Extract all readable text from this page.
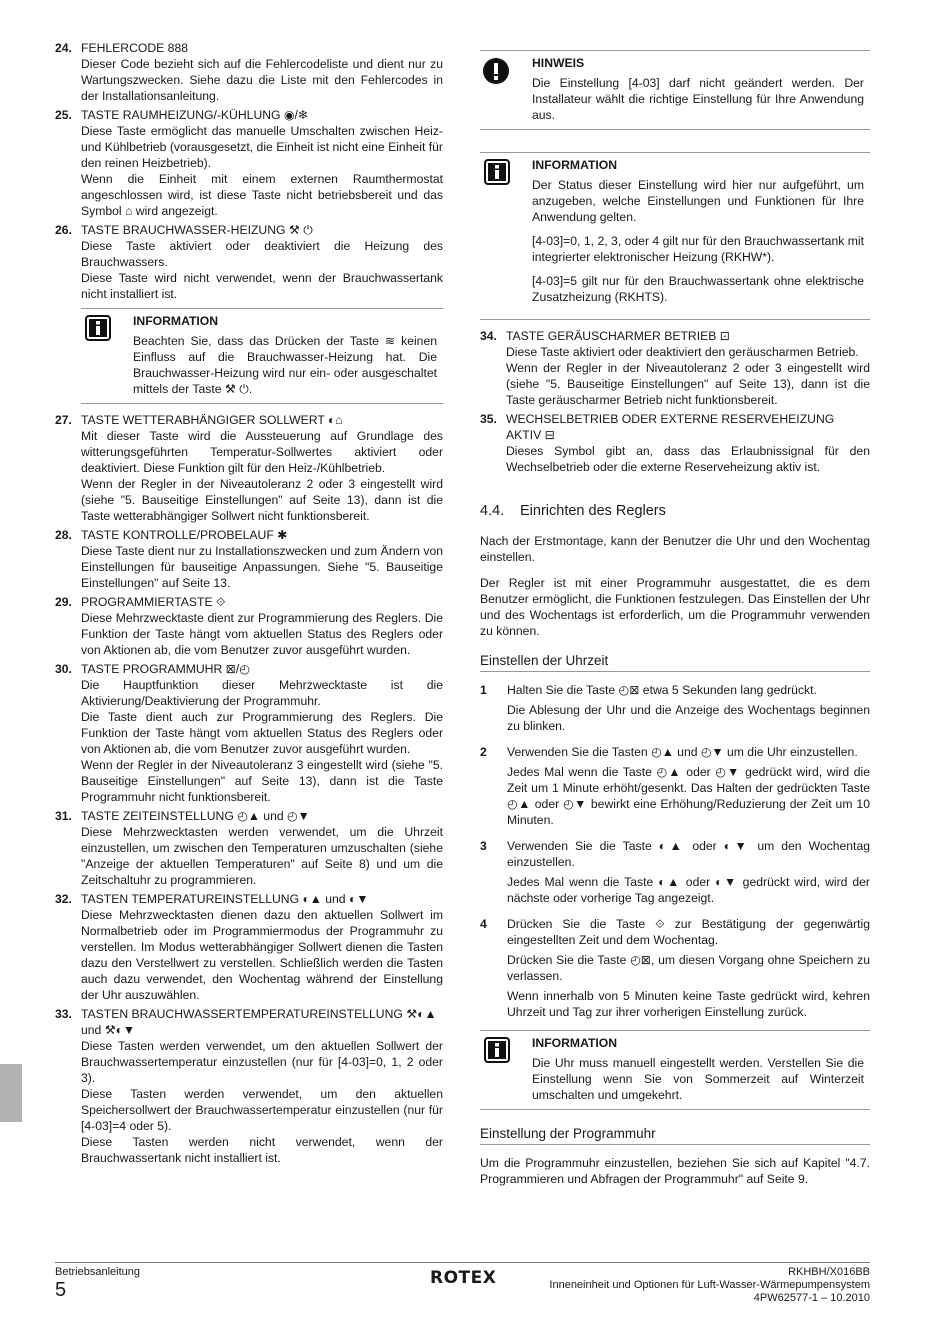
24. FEHLERCODE 888
Dieser Code bezieht sich auf die Fehlercodeliste und dient nur zu Wartungszwecken. Siehe dazu die Liste mit den Fehlercodes in der Installationsanleitung.
25. TASTE RAUMHEIZUNG/-KÜHLUNG ◉/❄
Diese Taste ermöglicht das manuelle Umschalten zwischen Heiz- und Kühlbetrieb (vorausgesetzt, die Einheit ist nicht eine Einheit für den reinen Heizbetrieb).
Wenn die Einheit mit einem externen Raumthermostat angeschlossen wird, ist diese Taste nicht betriebsbereit und das Symbol ⌂ wird angezeigt.
26. TASTE BRAUCHWASSER-HEIZUNG ⚒ ⏻
Diese Taste aktiviert oder deaktiviert die Heizung des Brauchwassers.
Diese Taste wird nicht verwendet, wenn der Brauchwassertank nicht installiert ist.
INFORMATION
Beachten Sie, dass das Drücken der Taste ≋ keinen Einfluss auf die Brauchwasser-Heizung hat. Die Brauchwasser-Heizung wird nur ein- oder ausgeschaltet mittels der Taste ⚒ ⏻.
27. TASTE WETTERABHÄNGIGER SOLLWERT ◐⌂
Mit dieser Taste wird die Aussteuerung auf Grundlage des witterungsgeführten Temperatur-Sollwertes aktiviert oder deaktiviert. Diese Funktion gilt für den Heiz-/Kühlbetrieb.
Wenn der Regler in der Niveautoleranz 2 oder 3 eingestellt wird (siehe "5. Bauseitige Einstellungen" auf Seite 13), dann ist die Taste wetterabhängiger Sollwert nicht funktionsbereit.
28. TASTE KONTROLLE/PROBELAUF ✱
Diese Taste dient nur zu Installationszwecken und zum Ändern von Einstellungen für bauseitige Anpassungen. Siehe "5. Bauseitige Einstellungen" auf Seite 13.
29. PROGRAMMIERTASTE ⟐
Diese Mehrzwecktaste dient zur Programmierung des Reglers. Die Funktion der Taste hängt vom aktuellen Status des Reglers oder von Aktionen ab, die vom Benutzer zuvor ausgeführt wurden.
30. TASTE PROGRAMMUHR ⊠/◴
Die Hauptfunktion dieser Mehrzwecktaste ist die Aktivierung/Deaktivierung der Programmuhr.
Die Taste dient auch zur Programmierung des Reglers. Die Funktion der Taste hängt vom aktuellen Status des Reglers oder von Aktionen ab, die vom Benutzer zuvor ausgeführt wurden.
Wenn der Regler in der Niveautoleranz 3 eingestellt wird (siehe "5. Bauseitige Einstellungen" auf Seite 13), dann ist die Taste Programmuhr nicht funktionsbereit.
31. TASTE ZEITEINSTELLUNG ◴▲ und ◴▼
Diese Mehrzwecktasten werden verwendet, um die Uhrzeit einzustellen, um zwischen den Temperaturen umzuschalten (siehe "Anzeige der aktuellen Temperaturen" auf Seite 8) und um die Zeitschaltuhr zu programmieren.
32. TASTEN TEMPERATUREINSTELLUNG ◐▲ und ◐▼
Diese Mehrzwecktasten dienen dazu den aktuellen Sollwert im Normalbetrieb oder im Programmiermodus der Programmuhr zu verstellen. Im Modus wetterabhängiger Sollwert dienen die Tasten dazu den Verstellwert zu verstellen. Schließlich werden die Tasten auch dazu verwendet, den Wochentag während der Einstellung der Uhr auszuwählen.
33. TASTEN BRAUCHWASSERTEMPERATUREINSTELLUNG ⚒◐▲ und ⚒◐▼
Diese Tasten werden verwendet, um den aktuellen Sollwert der Brauchwassertemperatur einzustellen (nur für [4-03]=0, 1, 2 oder 3).
Diese Tasten werden verwendet, um den aktuellen Speichersollwert der Brauchwassertemperatur einzustellen (nur für [4-03]=4 oder 5).
Diese Tasten werden nicht verwendet, wenn der Brauchwassertank nicht installiert ist.
HINWEIS
Die Einstellung [4-03] darf nicht geändert werden. Der Installateur wählt die richtige Einstellung für Ihre Anwendung aus.
INFORMATION
Der Status dieser Einstellung wird hier nur aufgeführt, um anzugeben, welche Einstellungen und Funktionen für Ihre Anwendung gelten.
[4-03]=0, 1, 2, 3, oder 4 gilt nur für den Brauchwassertank mit integrierter elektronischer Heizung (RKHW*).
[4-03]=5 gilt nur für den Brauchwassertank ohne elektrische Zusatzheizung (RKHTS).
34. TASTE GERÄUSCHARMER BETRIEB ⊡
Diese Taste aktiviert oder deaktiviert den geräuscharmen Betrieb.
Wenn der Regler in der Niveautoleranz 2 oder 3 eingestellt wird (siehe "5. Bauseitige Einstellungen" auf Seite 13), dann ist die Taste geräuscharmer Betrieb nicht funktionsbereit.
35. WECHSELBETRIEB ODER EXTERNE RESERVEHEIZUNG AKTIV ⊟
Dieses Symbol gibt an, dass das Erlaubnissignal für den Wechselbetrieb oder die externe Reserveheizung aktiv ist.
4.4. Einrichten des Reglers
Nach der Erstmontage, kann der Benutzer die Uhr und den Wochentag einstellen.
Der Regler ist mit einer Programmuhr ausgestattet, die es dem Benutzer ermöglicht, die Funktionen festzulegen. Das Einstellen der Uhr und des Wochentags ist erforderlich, um die Programmuhr verwenden zu können.
Einstellen der Uhrzeit
1 Halten Sie die Taste ◴⊠ etwa 5 Sekunden lang gedrückt.
Die Ablesung der Uhr und die Anzeige des Wochentags beginnen zu blinken.
2 Verwenden Sie die Tasten ◴▲ und ◴▼ um die Uhr einzustellen.
Jedes Mal wenn die Taste ◴▲ oder ◴▼ gedrückt wird, wird die Zeit um 1 Minute erhöht/gesenkt. Das Halten der gedrückten Taste ◴▲ oder ◴▼ bewirkt eine Erhöhung/Reduzierung der Zeit um 10 Minuten.
3 Verwenden Sie die Taste ◐▲ oder ◐▼ um den Wochentag einzustellen.
Jedes Mal wenn die Taste ◐▲ oder ◐▼ gedrückt wird, wird der nächste oder vorherige Tag angezeigt.
4 Drücken Sie die Taste ⟐ zur Bestätigung der gegenwärtig eingestellten Zeit und dem Wochentag.
Drücken Sie die Taste ◴⊠, um diesen Vorgang ohne Speichern zu verlassen.
Wenn innerhalb von 5 Minuten keine Taste gedrückt wird, kehren Uhrzeit und Tag zur ihrer vorherigen Einstellung zurück.
INFORMATION
Die Uhr muss manuell eingestellt werden. Verstellen Sie die Einstellung wenn Sie von Sommerzeit auf Winterzeit umschalten und umgekehrt.
Einstellung der Programmuhr
Um die Programmuhr einzustellen, beziehen Sie sich auf Kapitel "4.7. Programmieren und Abfragen der Programmuhr" auf Seite 9.
Betriebsanleitung
5
ROTEX	RKHBH/X016BB
Inneneinheit und Optionen für Luft-Wasser-Wärmepumpensystem
4PW62577-1 – 10.2010
